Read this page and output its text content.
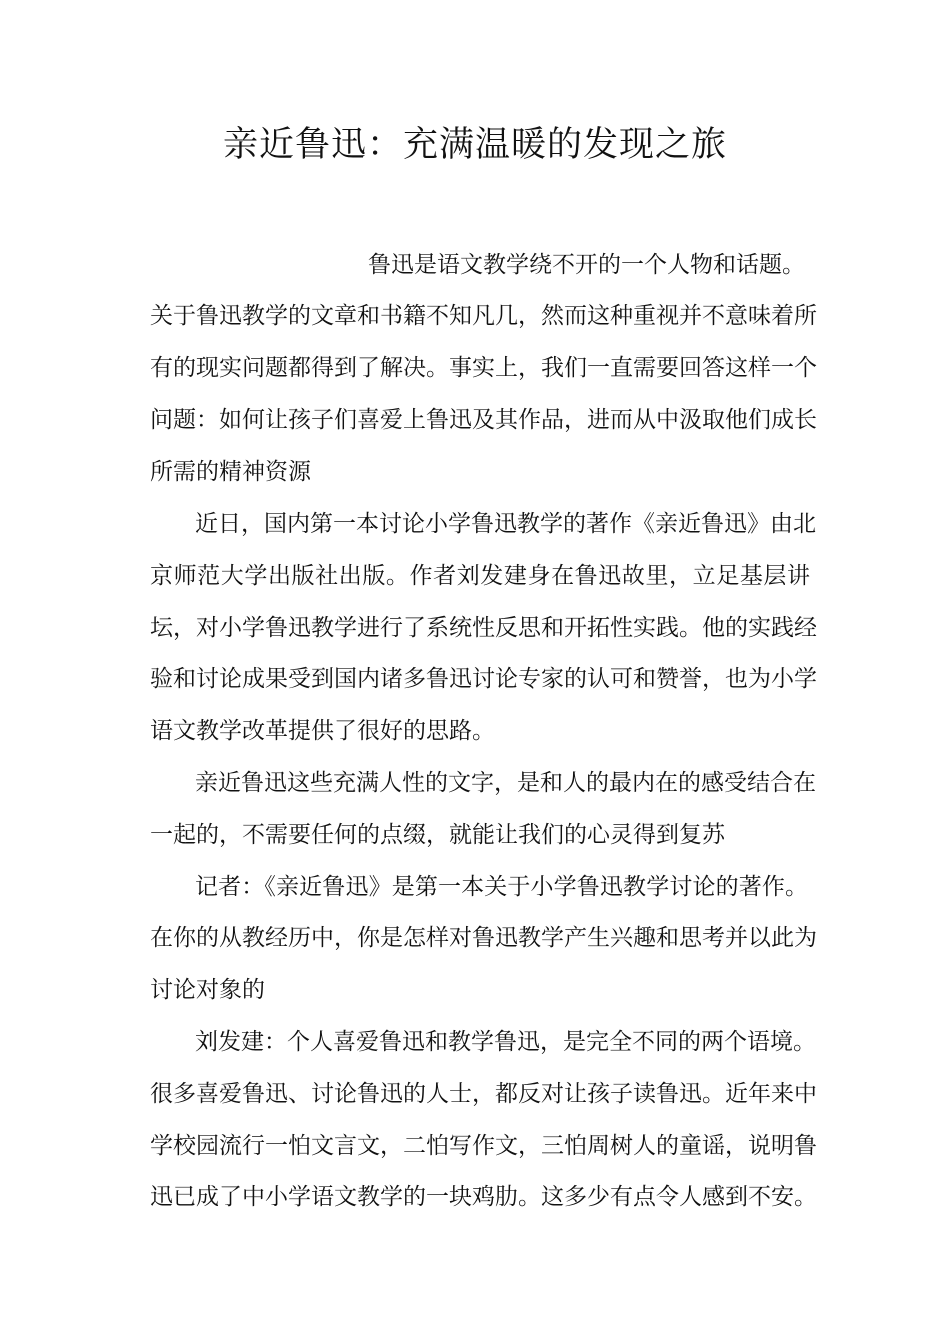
亲近鲁迅：充满温暖的发现之旅
鲁迅是语文教学绕不开的一个人物和话题。
关于鲁迅教学的文章和书籍不知凡几，然而这种重视并不意味着所
有的现实问题都得到了解决。事实上，我们一直需要回答这样一个
问题：如何让孩子们喜爱上鲁迅及其作品，进而从中汲取他们成长
所需的精神资源
近日，国内第一本讨论小学鲁迅教学的著作《亲近鲁迅》由北
京师范大学出版社出版。作者刘发建身在鲁迅故里，立足基层讲
坛，对小学鲁迅教学进行了系统性反思和开拓性实践。他的实践经
验和讨论成果受到国内诸多鲁迅讨论专家的认可和赞誉，也为小学
语文教学改革提供了很好的思路。
亲近鲁迅这些充满人性的文字，是和人的最内在的感受结合在
一起的，不需要任何的点缀，就能让我们的心灵得到复苏
记者：《亲近鲁迅》是第一本关于小学鲁迅教学讨论的著作。
在你的从教经历中，你是怎样对鲁迅教学产生兴趣和思考并以此为
讨论对象的
刘发建：个人喜爱鲁迅和教学鲁迅，是完全不同的两个语境。
很多喜爱鲁迅、讨论鲁迅的人士，都反对让孩子读鲁迅。近年来中
学校园流行一怕文言文，二怕写作文，三怕周树人的童谣，说明鲁
迅已成了中小学语文教学的一块鸡肋。这多少有点令人感到不安。
